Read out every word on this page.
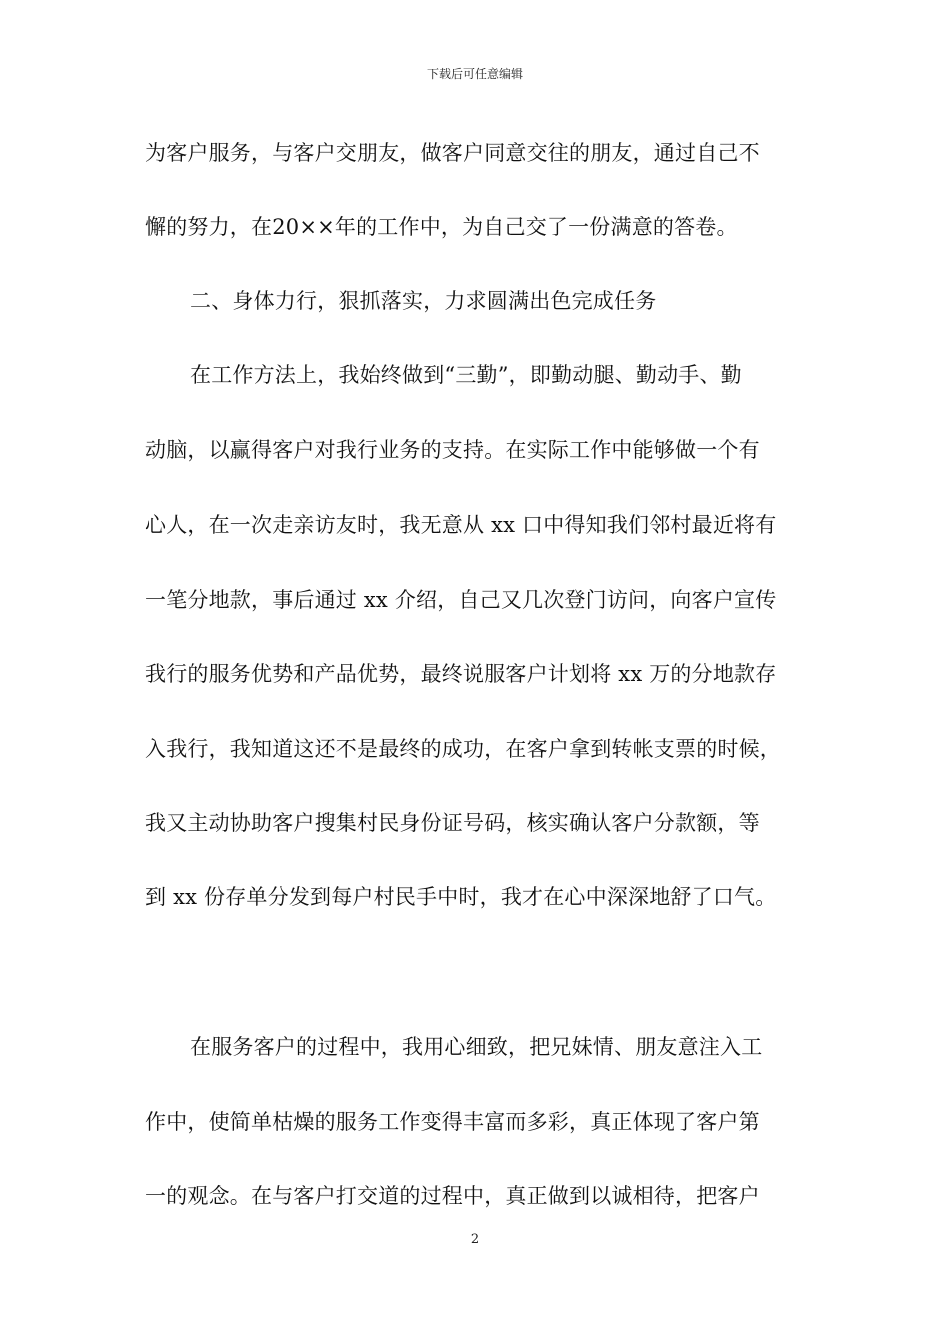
下载后可任意编辑
为客户服务，与客户交朋友，做客户同意交往的朋友，通过自己不
懈的努力，在20××年的工作中，为自己交了一份满意的答卷。
二、身体力行，狠抓落实，力求圆满出色完成任务
在工作方法上，我始终做到“三勤”，即勤动腿、勤动手、勤
动脑，以赢得客户对我行业务的支持。在实际工作中能够做一个有
心人，在一次走亲访友时，我无意从 xx 口中得知我们邻村最近将有
一笔分地款，事后通过 xx 介绍，自己又几次登门访问，向客户宣传
我行的服务优势和产品优势，最终说服客户计划将 xx 万的分地款存
入我行，我知道这还不是最终的成功，在客户拿到转帐支票的时候，
我又主动协助客户搜集村民身份证号码，核实确认客户分款额，等
到 xx 份存单分发到每户村民手中时，我才在心中深深地舒了口气。
在服务客户的过程中，我用心细致，把兄妹情、朋友意注入工
作中，使简单枯燥的服务工作变得丰富而多彩，真正体现了客户第
一的观念。在与客户打交道的过程中，真正做到以诚相待，把客户
2
